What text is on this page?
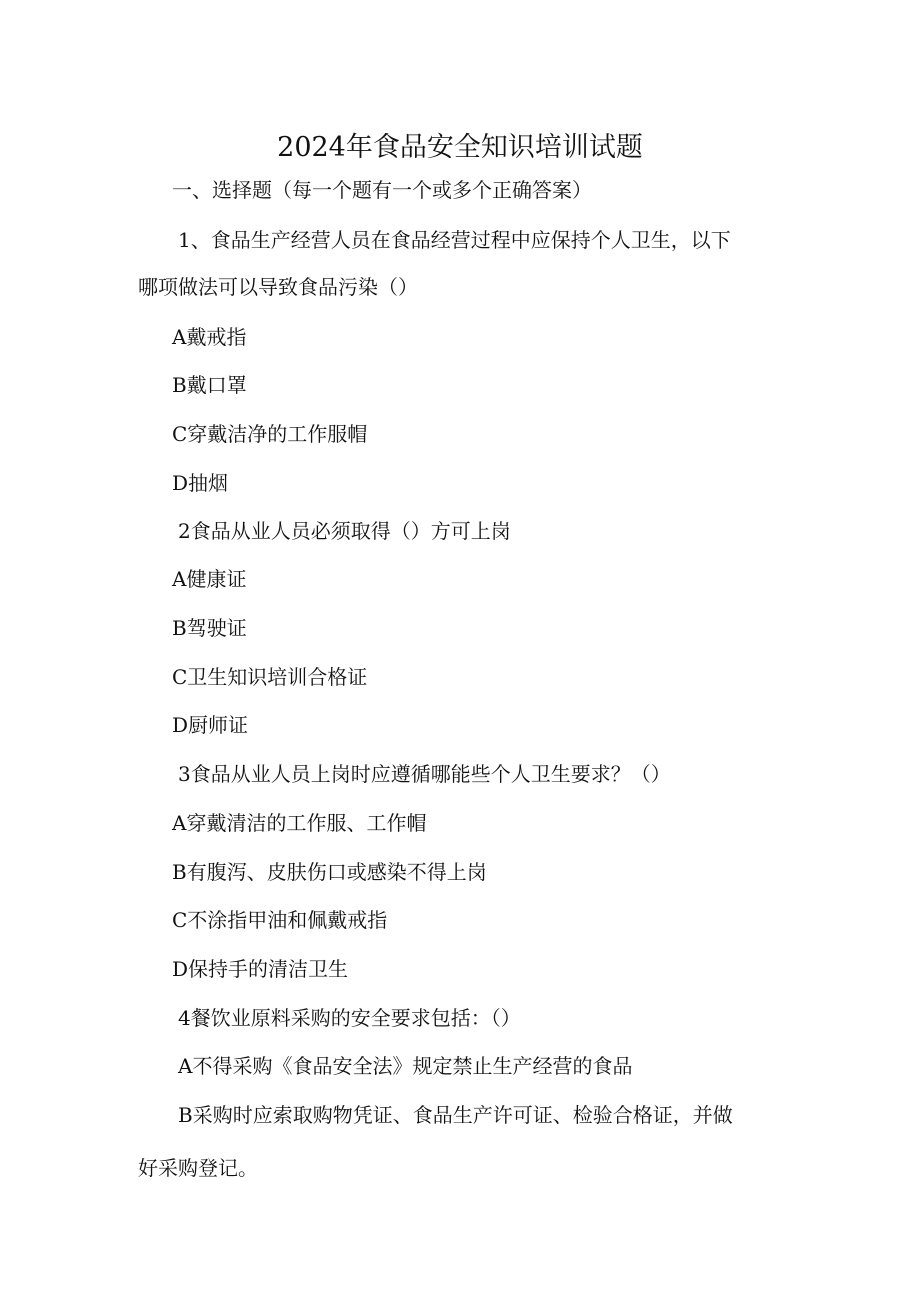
2024年食品安全知识培训试题
一、选择题（每一个题有一个或多个正确答案）
1、食品生产经营人员在食品经营过程中应保持个人卫生，以下
哪项做法可以导致食品污染（）
A戴戒指
B戴口罩
C穿戴洁净的工作服帽
D抽烟
2食品从业人员必须取得（）方可上岗
A健康证
B驾驶证
C卫生知识培训合格证
D厨师证
3食品从业人员上岗时应遵循哪能些个人卫生要求？（）
A穿戴清洁的工作服、工作帽
B有腹泻、皮肤伤口或感染不得上岗
C不涂指甲油和佩戴戒指
D保持手的清洁卫生
4餐饮业原料采购的安全要求包括：（）
A不得采购《食品安全法》规定禁止生产经营的食品
B采购时应索取购物凭证、食品生产许可证、检验合格证，并做
好采购登记。
